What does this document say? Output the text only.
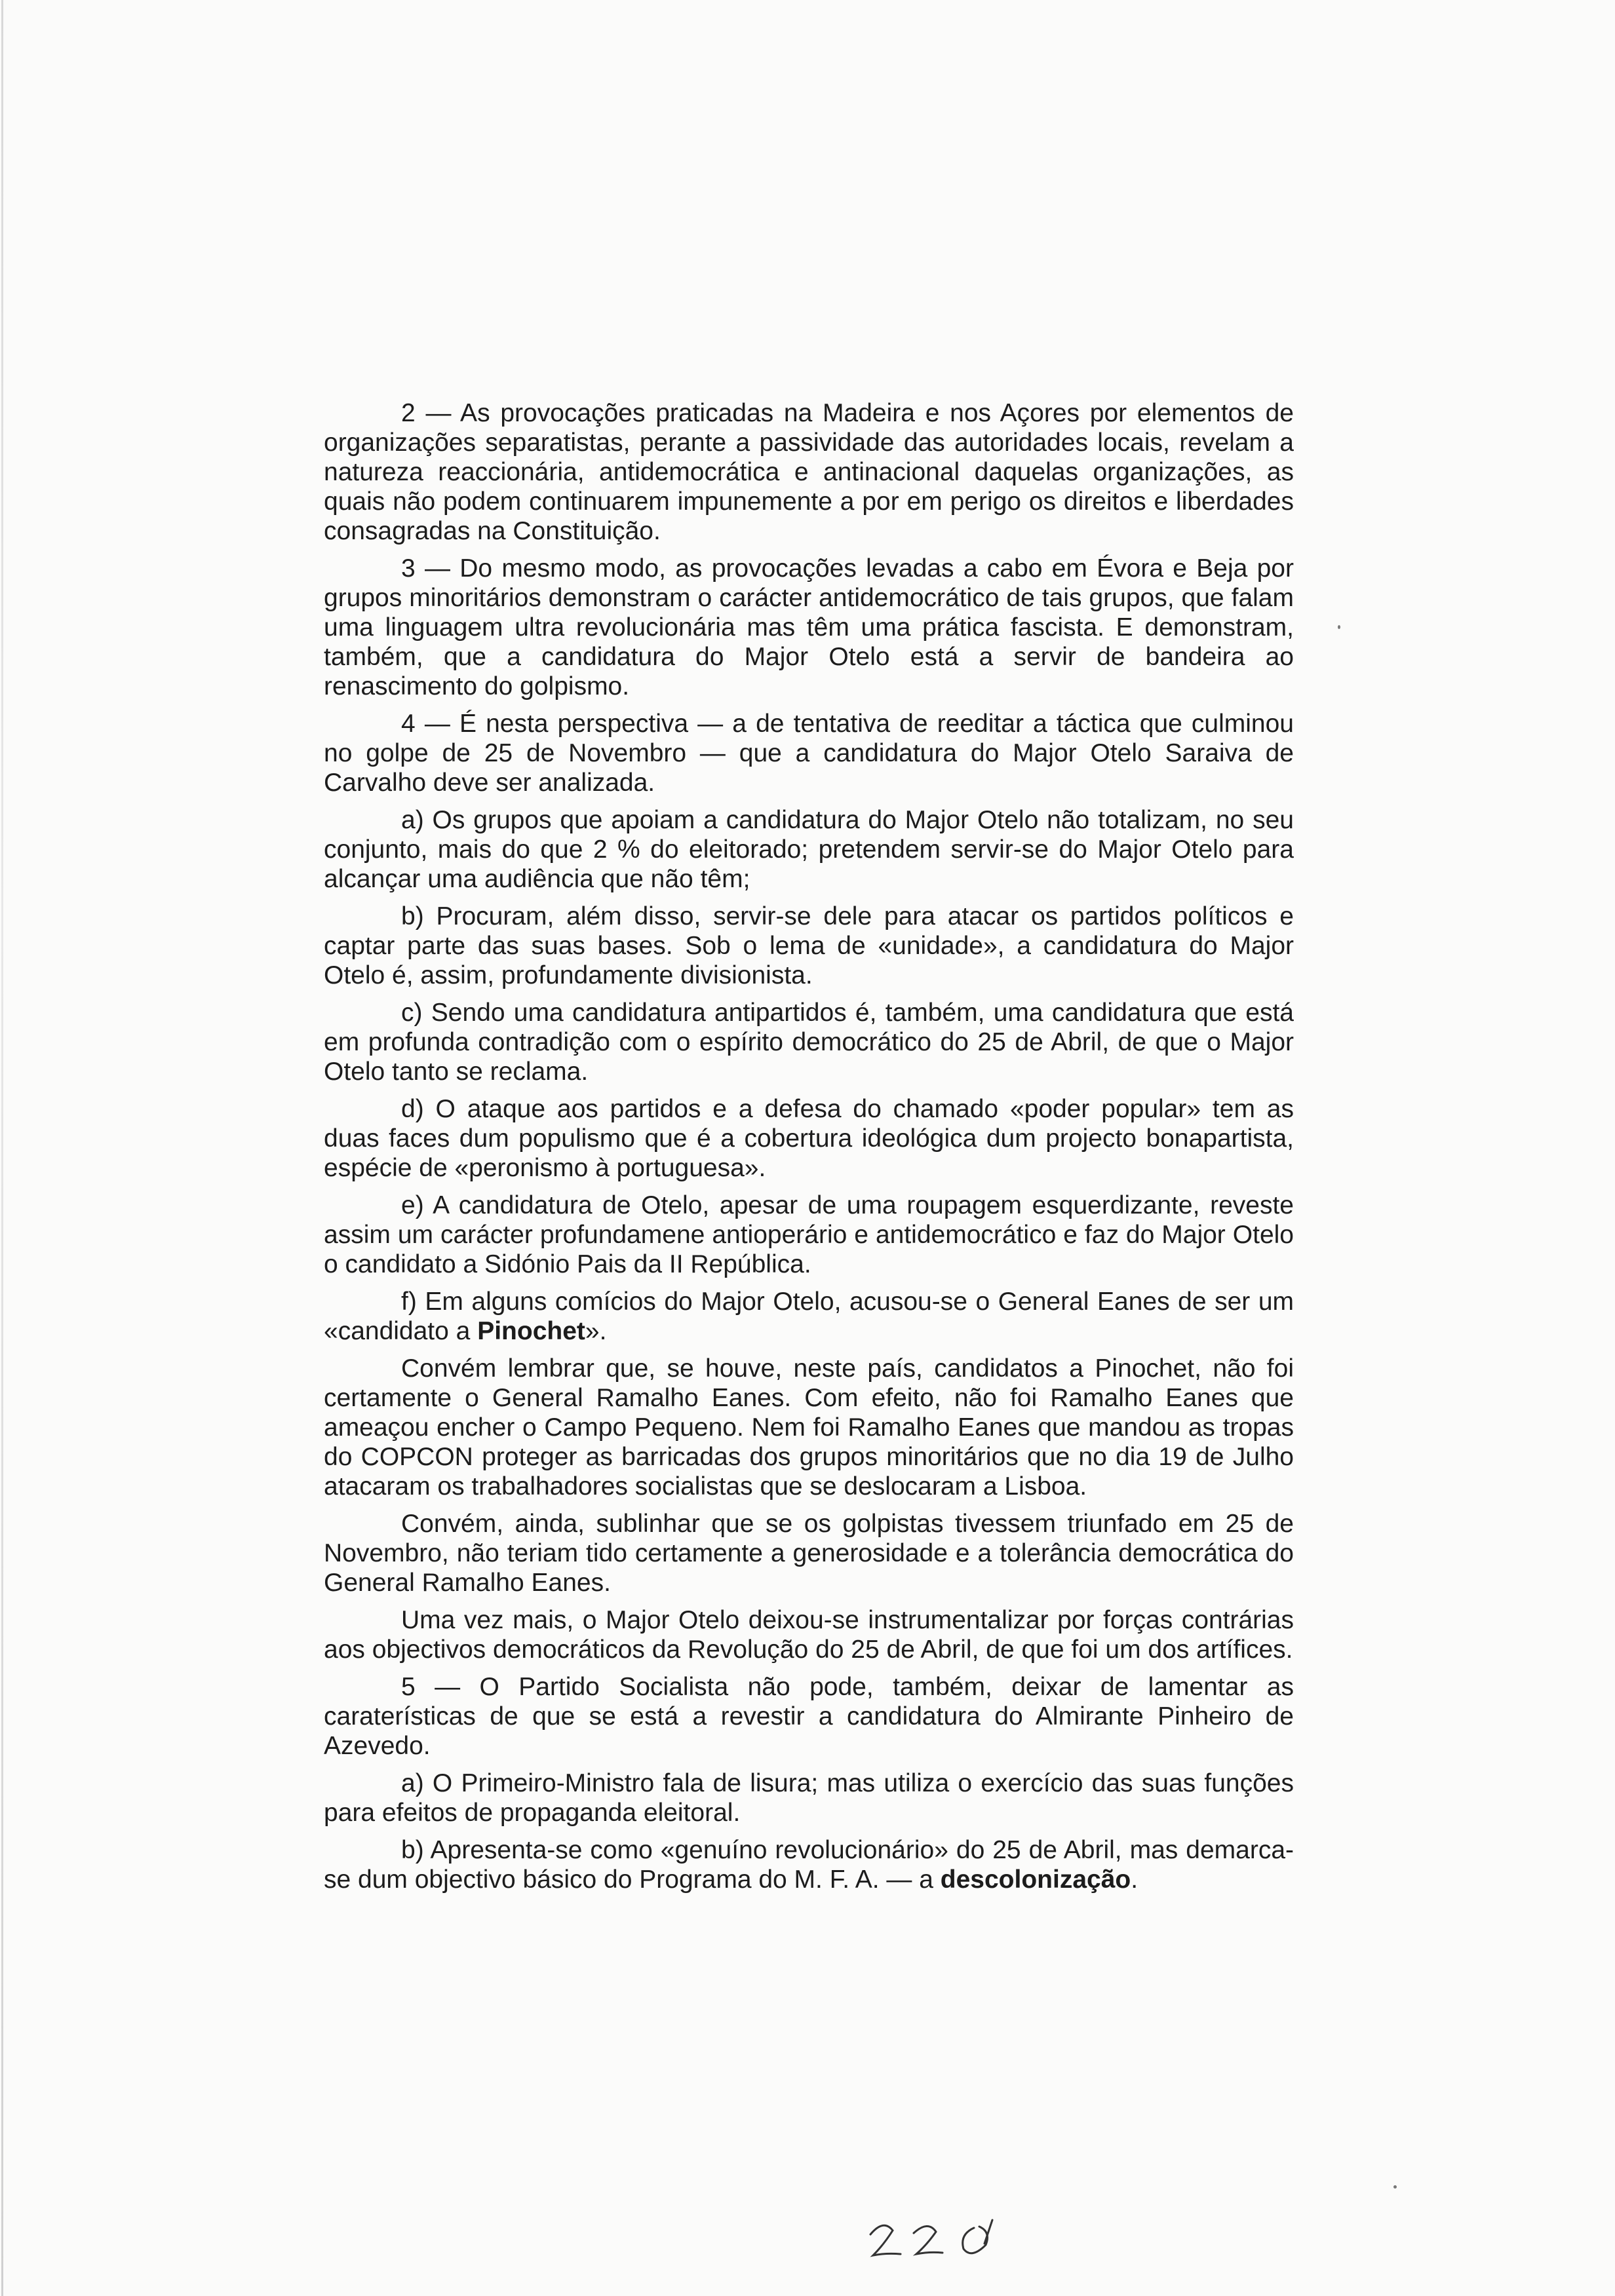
2 — As provocações praticadas na Madeira e nos Açores por elementos de organizações separatistas, perante a passividade das autoridades locais, revelam a natureza reaccionária, antidemocrática e antinacional daquelas organizações, as quais não podem continuarem impunemente a por em perigo os direitos e liberdades consagradas na Constituição.

3 — Do mesmo modo, as provocações levadas a cabo em Évora e Beja por grupos minoritários demonstram o carácter antidemocrático de tais grupos, que falam uma linguagem ultra revolucionária mas têm uma prática fascista. E demonstram, também, que a candidatura do Major Otelo está a servir de bandeira ao renascimento do golpismo.

4 — É nesta perspectiva — a de tentativa de reeditar a táctica que culminou no golpe de 25 de Novembro — que a candidatura do Major Otelo Saraiva de Carvalho deve ser analizada.

a) Os grupos que apoiam a candidatura do Major Otelo não totalizam, no seu conjunto, mais do que 2 % do eleitorado; pretendem servir-se do Major Otelo para alcançar uma audiência que não têm;

b) Procuram, além disso, servir-se dele para atacar os partidos políticos e captar parte das suas bases. Sob o lema de «unidade», a candidatura do Major Otelo é, assim, profundamente divisionista.

c) Sendo uma candidatura antipartidos é, também, uma candidatura que está em profunda contradição com o espírito democrático do 25 de Abril, de que o Major Otelo tanto se reclama.

d) O ataque aos partidos e a defesa do chamado «poder popular» tem as duas faces dum populismo que é a cobertura ideológica dum projecto bonapartista, espécie de «peronismo à portuguesa».

e) A candidatura de Otelo, apesar de uma roupagem esquerdizante, reveste assim um carácter profundamene antioperário e antidemocrático e faz do Major Otelo o candidato a Sidónio Pais da II República.

f) Em alguns comícios do Major Otelo, acusou-se o General Eanes de ser um «candidato a Pinochet».

Convém lembrar que, se houve, neste país, candidatos a Pinochet, não foi certamente o General Ramalho Eanes. Com efeito, não foi Ramalho Eanes que ameaçou encher o Campo Pequeno. Nem foi Ramalho Eanes que mandou as tropas do COPCON proteger as barricadas dos grupos minoritários que no dia 19 de Julho atacaram os trabalhadores socialistas que se deslocaram a Lisboa.

Convém, ainda, sublinhar que se os golpistas tivessem triunfado em 25 de Novembro, não teriam tido certamente a generosidade e a tolerância democrática do General Ramalho Eanes.

Uma vez mais, o Major Otelo deixou-se instrumentalizar por forças contrárias aos objectivos democráticos da Revolução do 25 de Abril, de que foi um dos artífices.

5 — O Partido Socialista não pode, também, deixar de lamentar as caraterísticas de que se está a revestir a candidatura do Almirante Pinheiro de Azevedo.

a) O Primeiro-Ministro fala de lisura; mas utiliza o exercício das suas funções para efeitos de propaganda eleitoral.

b) Apresenta-se como «genuíno revolucionário» do 25 de Abril, mas demarca-se dum objectivo básico do Programa do M. F. A. — a descolonização.
